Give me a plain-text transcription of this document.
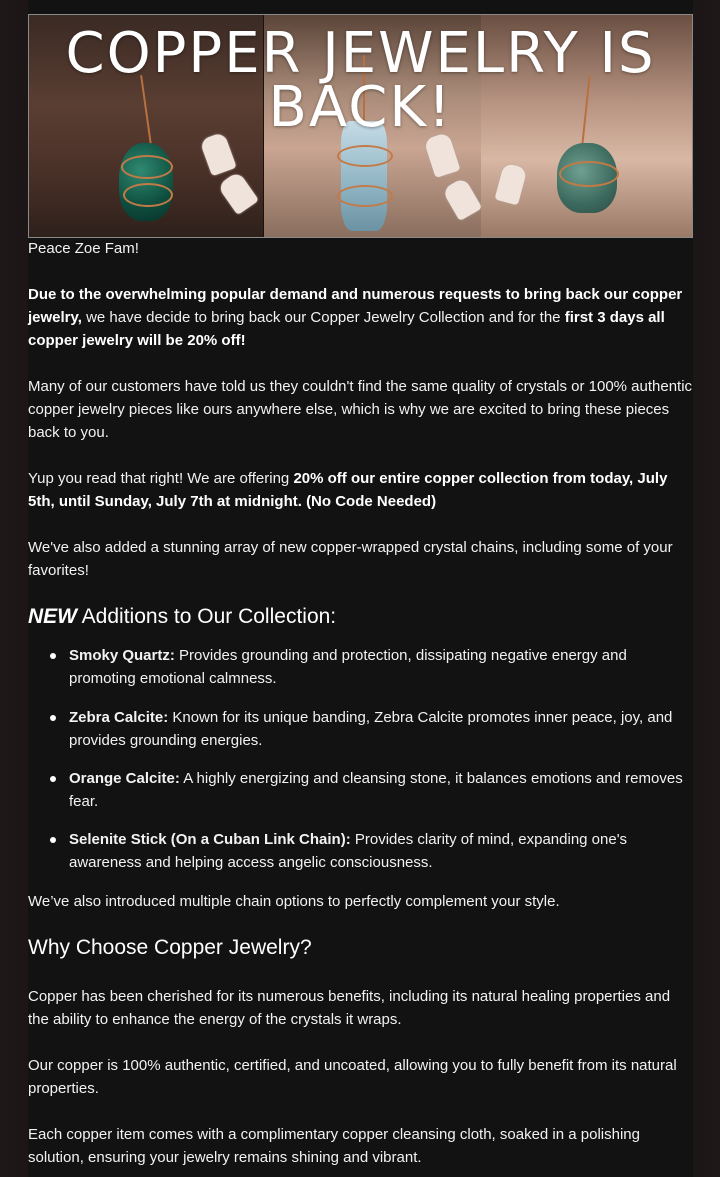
COPPER JEWELRY IS
BACK!

Peace Zoe Fam!

Due to the overwhelming popular demand and numerous requests to bring back our copper jewelry, we have decide to bring back our Copper Jewelry Collection and for the first 3 days all copper jewelry will be 20% off!

Many of our customers have told us they couldn't find the same quality of crystals or 100% authentic copper jewelry pieces like ours anywhere else, which is why we are excited to bring these pieces back to you.

Yup you read that right! We are offering 20% off our entire copper collection from today, July 5th, until Sunday, July 7th at midnight. (No Code Needed)

We've also added a stunning array of new copper-wrapped crystal chains, including some of your favorites!

NEW Additions to Our Collection:
Smoky Quartz: Provides grounding and protection, dissipating negative energy and promoting emotional calmness.
Zebra Calcite: Known for its unique banding, Zebra Calcite promotes inner peace, joy, and provides grounding energies.
Orange Calcite: A highly energizing and cleansing stone, it balances emotions and removes fear.
Selenite Stick (On a Cuban Link Chain): Provides clarity of mind, expanding one's awareness and helping access angelic consciousness.

We’ve also introduced multiple chain options to perfectly complement your style.

Why Choose Copper Jewelry?

Copper has been cherished for its numerous benefits, including its natural healing properties and the ability to enhance the energy of the crystals it wraps.

Our copper is 100% authentic, certified, and uncoated, allowing you to fully benefit from its natural properties.

Each copper item comes with a complimentary copper cleansing cloth, soaked in a polishing solution, ensuring your jewelry remains shining and vibrant.
